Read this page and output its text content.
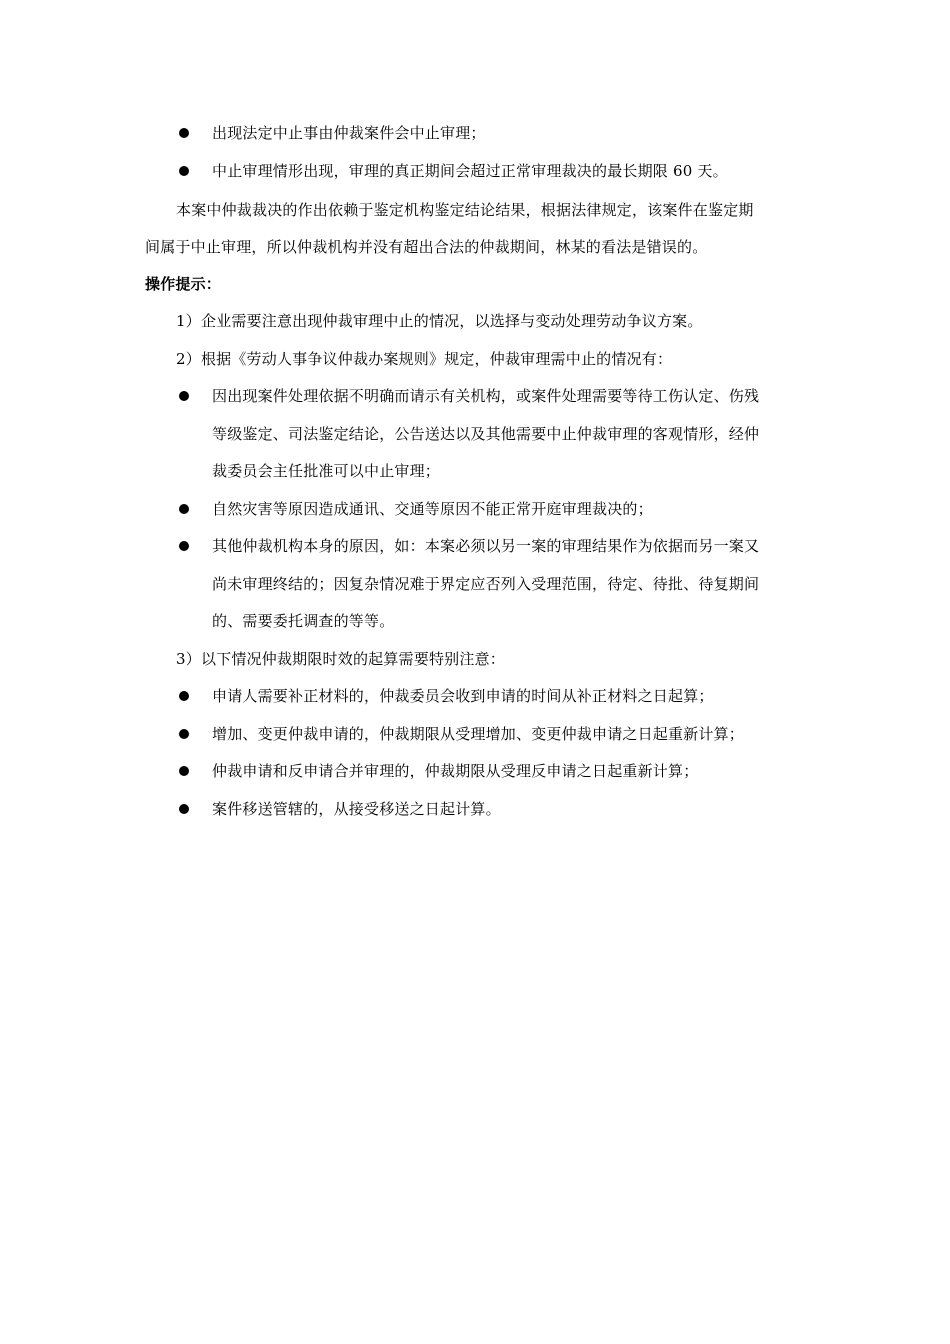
出现法定中止事由仲裁案件会中止审理；
中止审理情形出现，审理的真正期间会超过正常审理裁决的最长期限 60 天。
本案中仲裁裁决的作出依赖于鉴定机构鉴定结论结果，根据法律规定，该案件在鉴定期
间属于中止审理，所以仲裁机构并没有超出合法的仲裁期间，林某的看法是错误的。
操作提示：
1）企业需要注意出现仲裁审理中止的情况，以选择与变动处理劳动争议方案。
2）根据《劳动人事争议仲裁办案规则》规定，仲裁审理需中止的情况有：
因出现案件处理依据不明确而请示有关机构，或案件处理需要等待工伤认定、伤残
等级鉴定、司法鉴定结论，公告送达以及其他需要中止仲裁审理的客观情形，经仲
裁委员会主任批准可以中止审理；
自然灾害等原因造成通讯、交通等原因不能正常开庭审理裁决的；
其他仲裁机构本身的原因，如：本案必须以另一案的审理结果作为依据而另一案又
尚未审理终结的；因复杂情况难于界定应否列入受理范围，待定、待批、待复期间
的、需要委托调查的等等。
3）以下情况仲裁期限时效的起算需要特别注意：
申请人需要补正材料的，仲裁委员会收到申请的时间从补正材料之日起算；
增加、变更仲裁申请的，仲裁期限从受理增加、变更仲裁申请之日起重新计算；
仲裁申请和反申请合并审理的，仲裁期限从受理反申请之日起重新计算；
案件移送管辖的，从接受移送之日起计算。
